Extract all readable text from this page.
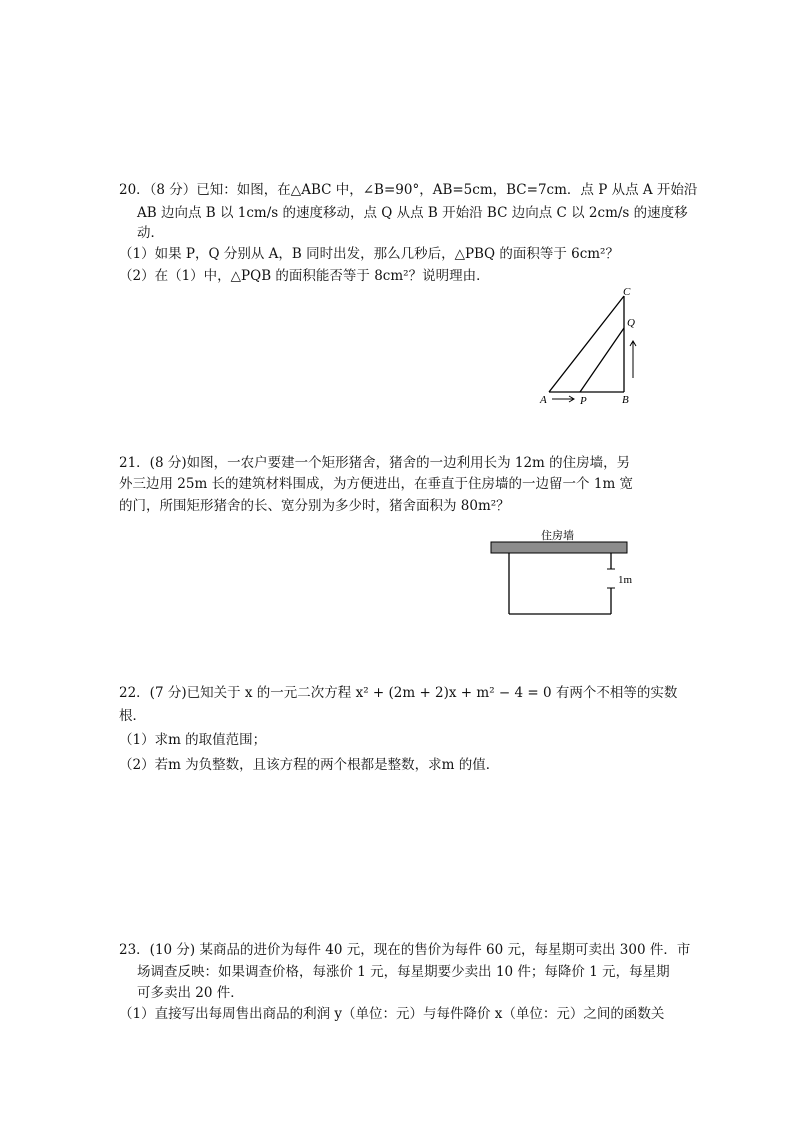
20．（8 分）已知：如图，在△ABC 中，∠B=90°，AB=5cm，BC=7cm．点 P 从点 A 开始沿
AB 边向点 B 以 1cm/s 的速度移动，点 Q 从点 B 开始沿 BC 边向点 C 以 2cm/s 的速度移
动．
（1）如果 P，Q 分别从 A，B 同时出发，那么几秒后，△PBQ 的面积等于 6cm²？
（2）在（1）中，△PQB 的面积能否等于 8cm²？说明理由．
A	B
C
P
Q
21．(8 分)如图，一农户要建一个矩形猪舍，猪舍的一边利用长为 12m 的住房墙，另
外三边用 25m 长的建筑材料围成，为方便进出，在垂直于住房墙的一边留一个 1m 宽
的门，所围矩形猪舍的长、宽分别为多少时，猪舍面积为 80m²？
住房墙
1m
22．(7 分)已知关于 x 的一元二次方程 x² + (2m + 2)x + m² − 4 = 0 有两个不相等的实数
根．
（1）求m 的取值范围；
（2）若m 为负整数，且该方程的两个根都是整数，求m 的值．
23．(10 分) 某商品的进价为每件 40 元，现在的售价为每件 60 元，每星期可卖出 300 件．市
场调查反映：如果调查价格，每涨价 1 元，每星期要少卖出 10 件；每降价 1 元，每星期
可多卖出 20 件．
（1）直接写出每周售出商品的利润 y（单位：元）与每件降价 x（单位：元）之间的函数关
